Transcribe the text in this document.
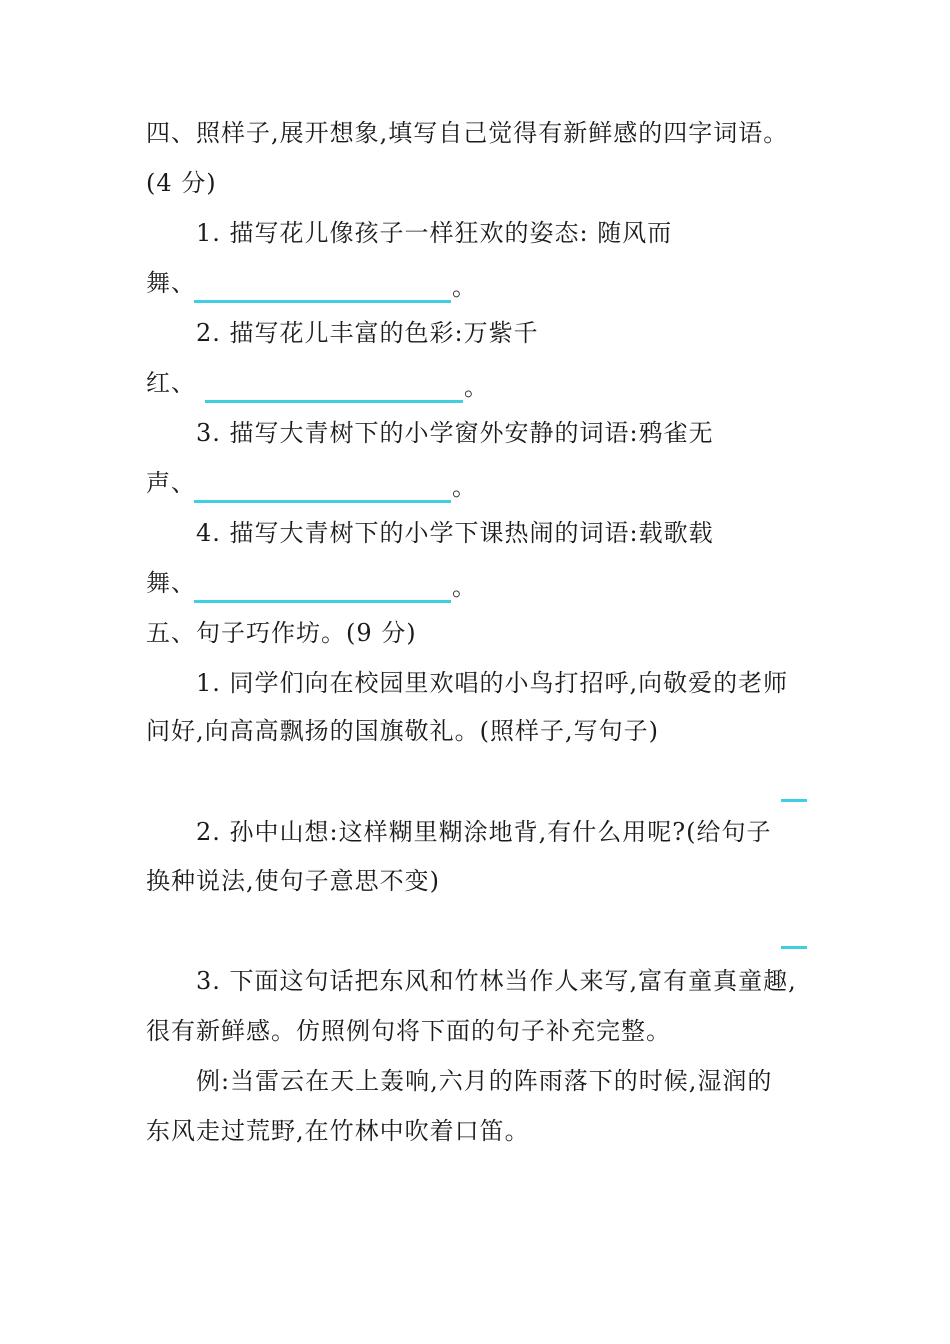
四、照样子,展开想象,填写自己觉得有新鲜感的四字词语。
(4 分)
1. 描写花儿像孩子一样狂欢的姿态: 随风而
舞、	。
2. 描写花儿丰富的色彩:万紫千
红、	。
3. 描写大青树下的小学窗外安静的词语:鸦雀无
声、	。
4. 描写大青树下的小学下课热闹的词语:载歌载
舞、	。
五、句子巧作坊。(9 分)
1. 同学们向在校园里欢唱的小鸟打招呼,向敬爱的老师
问好,向高高飘扬的国旗敬礼。(照样子,写句子)
2. 孙中山想:这样糊里糊涂地背,有什么用呢?(给句子
换种说法,使句子意思不变)
3. 下面这句话把东风和竹林当作人来写,富有童真童趣,
很有新鲜感。仿照例句将下面的句子补充完整。
例:当雷云在天上轰响,六月的阵雨落下的时候,湿润的
东风走过荒野,在竹林中吹着口笛。
